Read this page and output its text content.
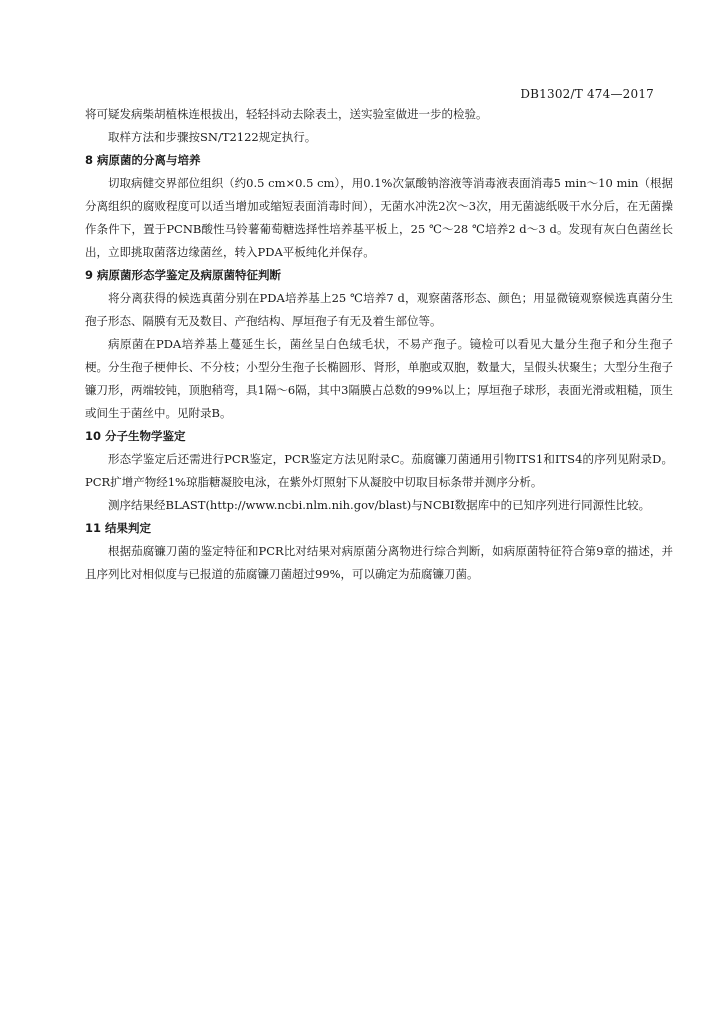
DB1302/T 474—2017

将可疑发病柴胡植株连根拔出，轻轻抖动去除表土，送实验室做进一步的检验。

取样方法和步骤按SN/T2122规定执行。

8 病原菌的分离与培养

切取病健交界部位组织（约0.5 cm×0.5 cm），用0.1%次氯酸钠溶液等消毒液表面消毒5 min～10 min（根据分离组织的腐败程度可以适当增加或缩短表面消毒时间），无菌水冲洗2次～3次，用无菌滤纸吸干水分后，在无菌操作条件下，置于PCNB酸性马铃薯葡萄糖选择性培养基平板上，25 ℃～28 ℃培养2 d～3 d。发现有灰白色菌丝长出，立即挑取菌落边缘菌丝，转入PDA平板纯化并保存。

9 病原菌形态学鉴定及病原菌特征判断

将分离获得的候选真菌分别在PDA培养基上25 ℃培养7 d，观察菌落形态、颜色；用显微镜观察候选真菌分生孢子形态、隔膜有无及数目、产孢结构、厚垣孢子有无及着生部位等。

病原菌在PDA培养基上蔓延生长，菌丝呈白色绒毛状，不易产孢子。镜检可以看见大量分生孢子和分生孢子梗。分生孢子梗伸长、不分枝；小型分生孢子长椭圆形、肾形，单胞或双胞，数量大，呈假头状聚生；大型分生孢子镰刀形，两端较钝，顶胞稍弯，具1隔～6隔，其中3隔膜占总数的99%以上；厚垣孢子球形，表面光滑或粗糙，顶生或间生于菌丝中。见附录B。

10 分子生物学鉴定

形态学鉴定后还需进行PCR鉴定，PCR鉴定方法见附录C。茄腐镰刀菌通用引物ITS1和ITS4的序列见附录D。PCR扩增产物经1%琼脂糖凝胶电泳，在紫外灯照射下从凝胶中切取目标条带并测序分析。

测序结果经BLAST(http://www.ncbi.nlm.nih.gov/blast)与NCBI数据库中的已知序列进行同源性比较。

11 结果判定

根据茄腐镰刀菌的鉴定特征和PCR比对结果对病原菌分离物进行综合判断，如病原菌特征符合第9章的描述，并且序列比对相似度与已报道的茄腐镰刀菌超过99%，可以确定为茄腐镰刀菌。
